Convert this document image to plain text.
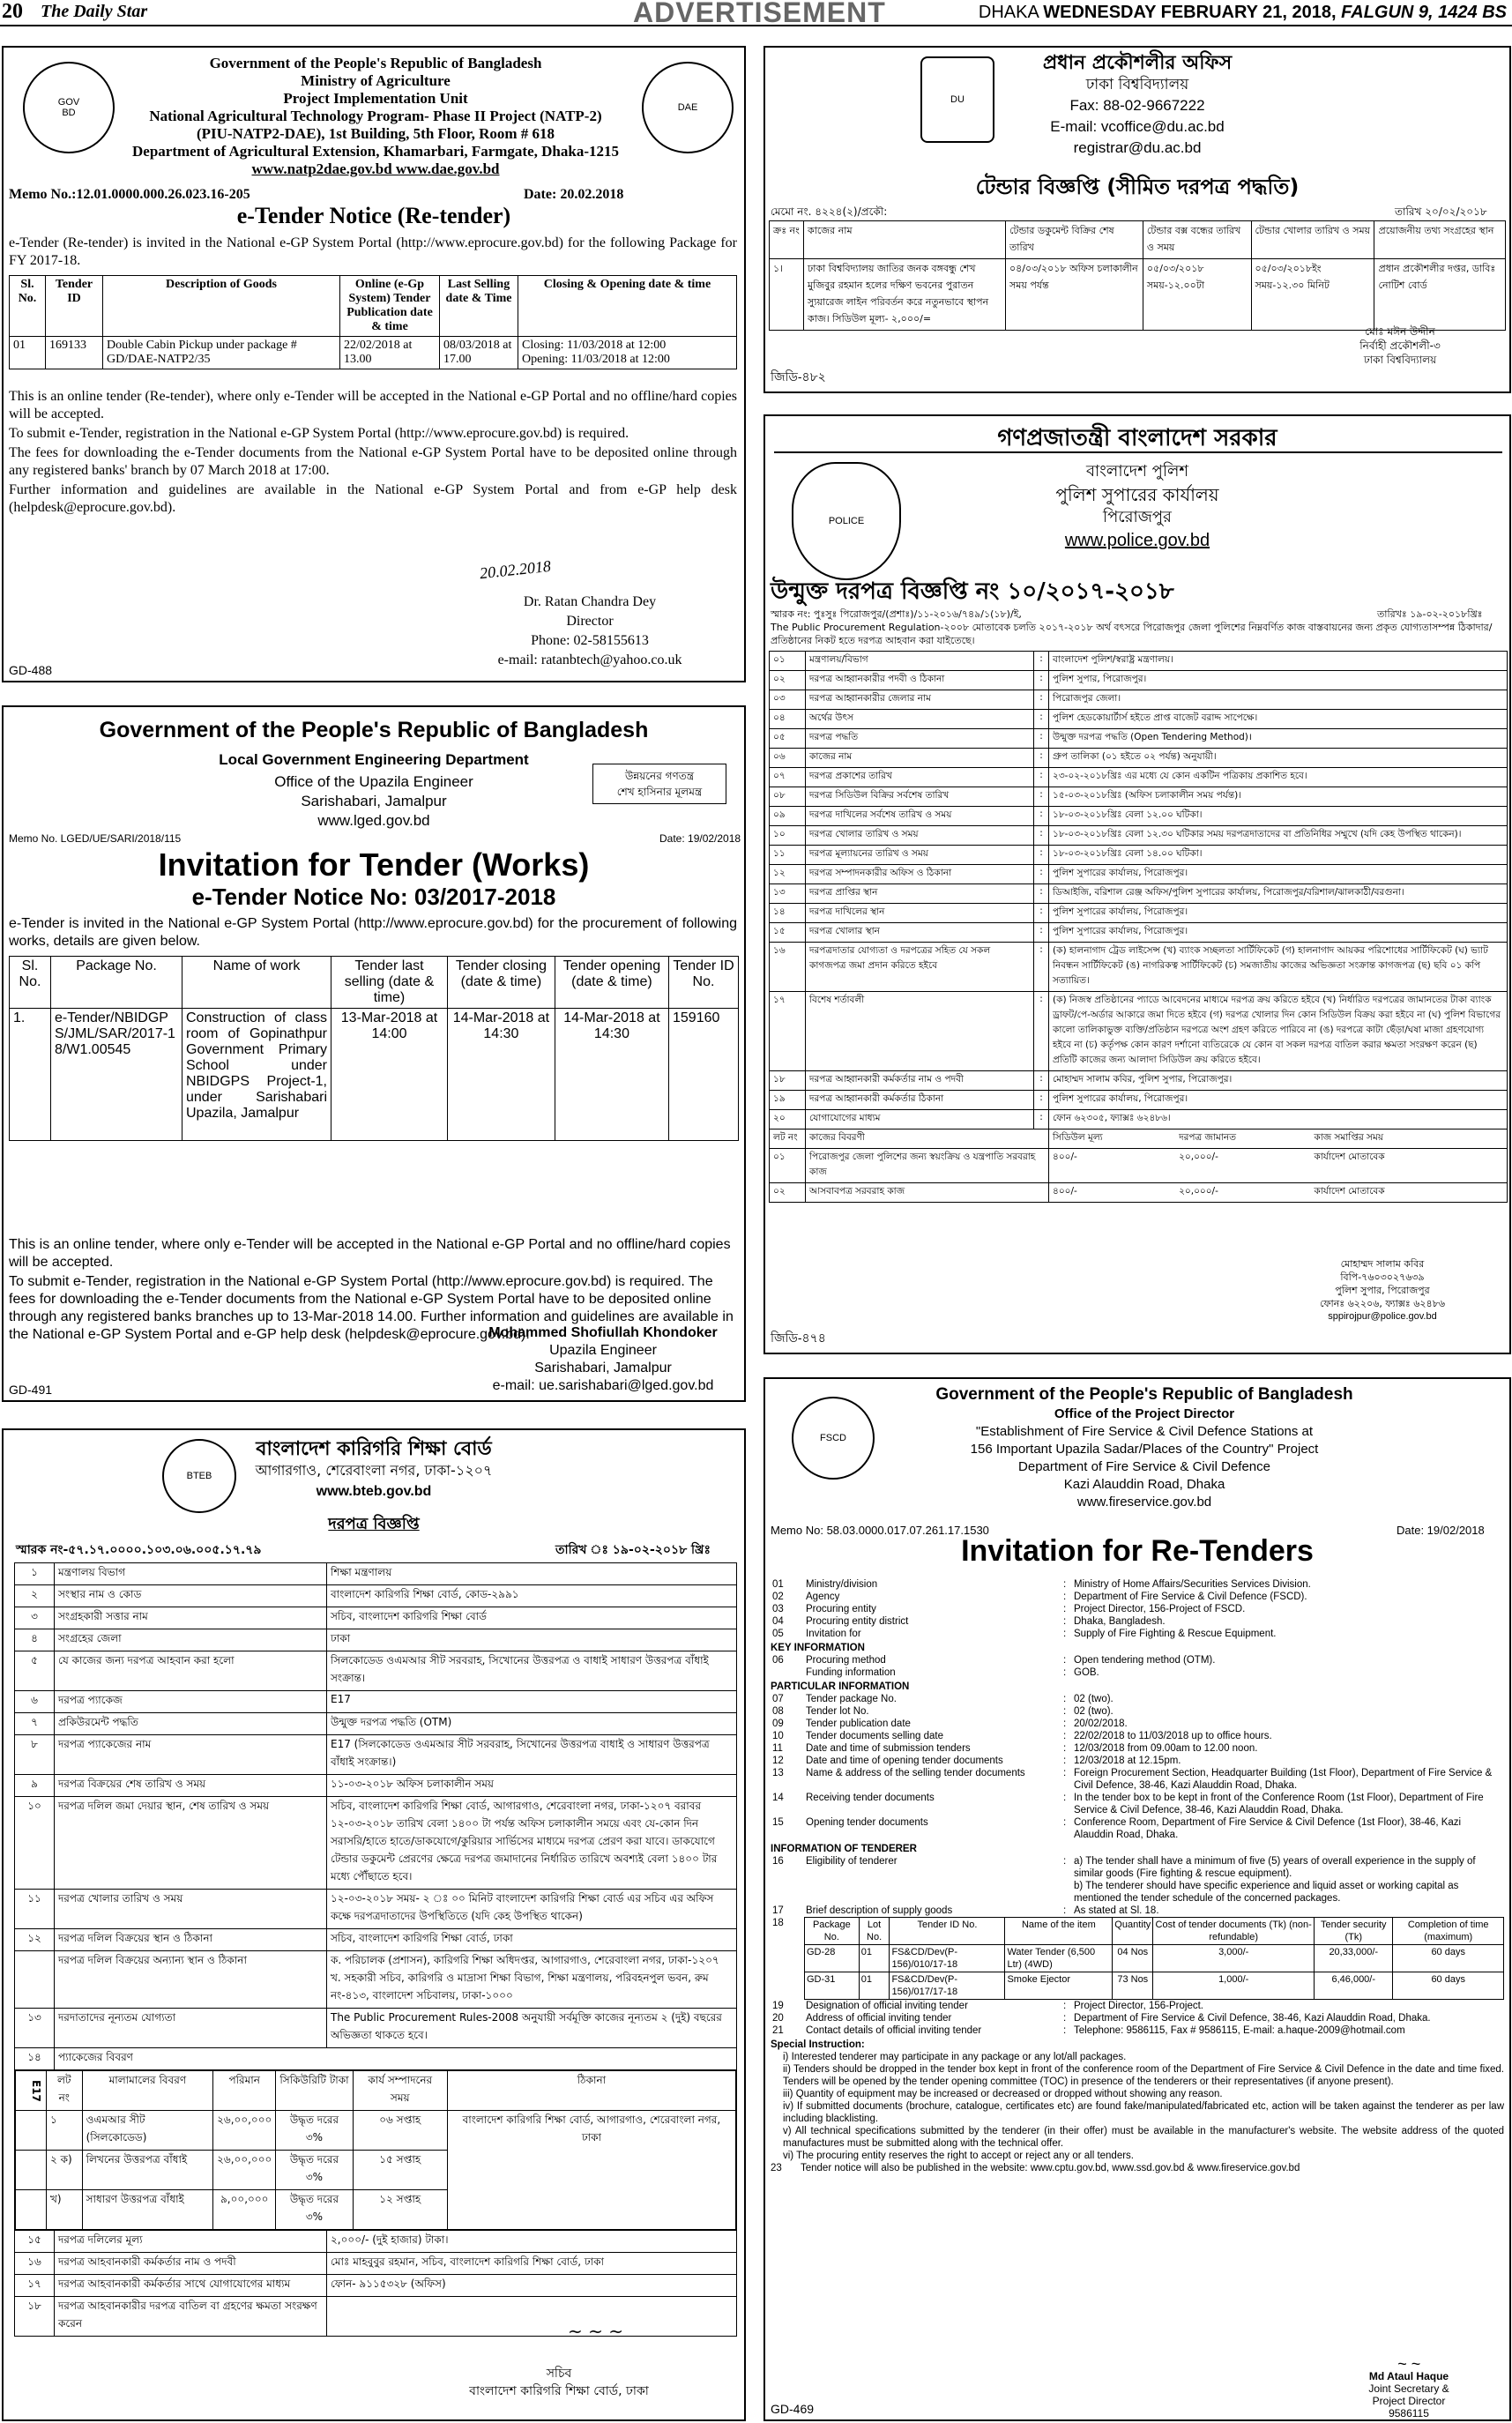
20 The Daily Star	ADVERTISEMENT	DHAKA WEDNESDAY FEBRUARY 21, 2018, FALGUN 9, 1424 BS
GOV
BD	DAE
Government of the People's Republic of Bangladesh
Ministry of Agriculture
Project Implementation Unit
National Agricultural Technology Program- Phase II Project (NATP-2)
(PIU-NATP2-DAE), 1st Building, 5th Floor, Room # 618
Department of Agricultural Extension, Khamarbari, Farmgate, Dhaka-1215
www.natp2dae.gov.bd www.dae.gov.bd
Memo No.:12.01.0000.000.26.023.16-205	Date: 20.02.2018
e-Tender Notice (Re-tender)
e-Tender (Re-tender) is invited in the National e-GP System Portal (http://www.eprocure.gov.bd) for the following Package for FY 2017-18.
Sl. No.	Tender ID	Description of Goods	Online (e-Gp System) Tender Publication date & time	Last Selling date & Time	Closing & Opening date & time
01	169133	Double Cabin Pickup under package # GD/DAE-NATP2/35	22/02/2018 at 13.00	08/03/2018 at 17.00	Closing: 11/03/2018 at 12:00
Opening: 11/03/2018 at 12:00
This is an online tender (Re-tender), where only e-Tender will be accepted in the National e-GP Portal and no offline/hard copies will be accepted.
To submit e-Tender, registration in the National e-GP System Portal (http://www.eprocure.gov.bd) is required.
The fees for downloading the e-Tender documents from the National e-GP System Portal have to be deposited online through any registered banks' branch by 07 March 2018 at 17:00.
Further information and guidelines are available in the National e-GP System Portal and from e-GP help desk (helpdesk@eprocure.gov.bd).
20.02.2018
Dr. Ratan Chandra Dey
Director
Phone: 02-58155613
e-mail: ratanbtech@yahoo.co.uk
GD-488
DU
প্রধান প্রকৌশলীর অফিস
ঢাকা বিশ্ববিদ্যালয়
Fax: 88-02-9667222
E-mail: vcoffice@du.ac.bd
registrar@du.ac.bd
টেন্ডার বিজ্ঞপ্তি (সীমিত দরপত্র পদ্ধতি)
মেমো নং. ৪২২৪(২)/প্রকৌ:	তারিখ ২০/০২/২০১৮
ক্রঃ নং	কাজের নাম	টেন্ডার ডকুমেন্ট বিক্রির শেষ তারিখ	টেন্ডার বক্স বন্ধের তারিখ ও সময়	টেন্ডার খোলার তারিখ ও সময়	প্রয়োজনীয় তথ্য সংগ্রহের স্থান
১।	ঢাকা বিশ্ববিদ্যালয় জাতির জনক বঙ্গবন্ধু শেখ মুজিবুর রহমান হলের দক্ষিণ ভবনের পুরাতন স্যুয়ারেজ লাইন পরিবর্তন করে নতুনভাবে স্থাপন কাজ। সিডিউল মূল্য- ২,০০০/=	০৪/০৩/২০১৮ অফিস চলাকালীন সময় পর্যন্ত	০৫/০৩/২০১৮ সময়-১২.০০টা	০৫/০৩/২০১৮ইং সময়-১২.৩০ মিনিট	প্রধান প্রকৌশলীর দপ্তর, ডাবিঃ নোটিশ বোর্ড
মোঃ মঈন উদ্দীন
নির্বাহী প্রকৌশলী-৩
ঢাকা বিশ্ববিদ্যালয়
জিডি-৪৮২
গণপ্রজাতন্ত্রী বাংলাদেশ সরকার
POLICE
বাংলাদেশ পুলিশ
পুলিশ সুপারের কার্যালয়
পিরোজপুর
www.police.gov.bd
উন্মুক্ত দরপত্র বিজ্ঞপ্তি নং ১০/২০১৭-২০১৮
স্মারক নং: পুঃসুঃ পিরোজপুর/(প্রশাঃ)/১১-২০১৬/৭৪৯/১(১৮)/ই,	তারিখঃ ১৯-০২-২০১৮খ্রিঃ
The Public Procurement Regulation-২০০৮ মোতাবেক চলতি ২০১৭-২০১৮ অর্থ বৎসরে পিরোজপুর জেলা পুলিশের নিম্নবর্ণিত কাজ বাস্তবায়নের জন্য প্রকৃত যোগ্যতাসম্পন্ন ঠিকাদার/প্রতিষ্ঠানের নিকট হতে দরপত্র আহবান করা যাইতেছে।
০১	মন্ত্রণালয়/বিভাগ	:	বাংলাদেশ পুলিশ/স্বরাষ্ট্র মন্ত্রণালয়।
০২	দরপত্র আহ্বানকারীর পদবী ও ঠিকানা	:	পুলিশ সুপার, পিরোজপুর।
০৩	দরপত্র আহ্বানকারীর জেলার নাম	:	পিরোজপুর জেলা।
০৪	অর্থের উৎস	:	পুলিশ হেডকোয়ার্টার্স হইতে প্রাপ্ত বাজেট বরাদ্দ সাপেক্ষে।
০৫	দরপত্র পদ্ধতি	:	উন্মুক্ত দরপত্র পদ্ধতি (Open Tendering Method)।
০৬	কাজের নাম	:	গ্রুপ তালিকা (০১ হইতে ০২ পর্যন্ত) অনুযায়ী।
০৭	দরপত্র প্রকাশের তারিখ	:	২৩-০২-২০১৮খ্রিঃ এর মধ্যে যে কোন একটিন পত্রিকায় প্রকাশিত হবে।
০৮	দরপত্র সিডিউল বিক্রির সর্বশেষ তারিখ	:	১৫-০৩-২০১৮খ্রিঃ (অফিস চলাকালীন সময় পর্যন্ত)।
০৯	দরপত্র দাখিলের সর্বশেষ তারিখ ও সময়	:	১৮-০৩-২০১৮খ্রিঃ বেলা ১২.০০ ঘটিকা।
১০	দরপত্র খোলার তারিখ ও সময়	:	১৮-০৩-২০১৮খ্রিঃ বেলা ১২.৩০ ঘটিকার সময় দরপত্রদাতাদের বা প্রতিনিধির সম্মুখে (যদি কেহ উপস্থিত থাকেন)।
১১	দরপত্র মূল্যায়নের তারিখ ও সময়	:	১৮-০৩-২০১৮খ্রিঃ বেলা ১৪.০০ ঘটিকা।
১২	দরপত্র সম্পাদনকারীর অফিস ও ঠিকানা	:	পুলিশ সুপারের কার্যালয়, পিরোজপুর।
১৩	দরপত্র প্রাপ্তির স্থান	:	ডিআইজি, বরিশাল রেঞ্জ অফিস/পুলিশ সুপারের কার্যালয়, পিরোজপুর/বরিশাল/ঝালকাঠী/বরগুনা।
১৪	দরপত্র দাখিলের স্থান	:	পুলিশ সুপারের কার্যালয়, পিরোজপুর।
১৫	দরপত্র খোলার স্থান	:	পুলিশ সুপারের কার্যালয়, পিরোজপুর।
১৬	দরপত্রদাতার যোগ্যতা ও দরপত্রের সহিত যে সকল কাগজপত্র জমা প্রদান করিতে হইবে	:	(ক) হালনাগাদ ট্রেড লাইসেন্স (খ) ব্যাংক সচ্ছলতা সার্টিফিকেট (গ) হালনাগাদ আয়কর পরিশোধের সার্টিফিকেট (ঘ) ভ্যাট নিবন্ধন সার্টিফিকেট (ঙ) নাগরিকত্ব সার্টিফিকেট (চ) সমজাতীয় কাজের অভিজ্ঞতা সংক্রান্ত কাগজপত্র (ছ) ছবি ০১ কপি সত্যায়িত।
১৭	বিশেষ শর্তাবলী	:	(ক) নিজস্ব প্রতিষ্ঠানের প্যাডে আবেদনের মাধ্যমে দরপত্র ক্রয় করিতে হইবে (খ) নির্ধারিত দরপত্রের জামানতের টাকা ব্যাংক ড্রাফট/পে-অর্ডার আকারে জমা দিতে হইবে (গ) দরপত্র খোলার দিন কোন সিডিউল বিক্রয় করা হইবে না (ঘ) পুলিশ বিভাগের কালো তালিকাভুক্ত ব্যক্তি/প্রতিষ্ঠান দরপত্রে অংশ গ্রহণ করিতে পারিবে না (ঙ) দরপত্রে কাটা ছেঁড়া/ঘষা মাজা গ্রহণযোগ্য হইবে না (চ) কর্তৃপক্ষ কোন কারণ দর্শানো ব্যতিরেকে যে কোন বা সকল দরপত্র বাতিল করার ক্ষমতা সংরক্ষণ করেন (ছ) প্রতিটি কাজের জন্য আলাদা সিডিউল ক্রয় করিতে হইবে।
১৮	দরপত্র আহ্বানকারী কর্মকর্তার নাম ও পদবী	:	মোহাম্মদ সালাম কবির, পুলিশ সুপার, পিরোজপুর।
১৯	দরপত্র আহ্বানকারী কর্মকর্তার ঠিকানা	:	পুলিশ সুপারের কার্যালয়, পিরোজপুর।
২০	যোগাযোগের মাধ্যম	:	ফোন ৬২৩০৫, ফ্যাক্সঃ ৬২৪৮৬।
লট নং	কাজের বিবরণী		সিডিউল মূল্য দরপত্র জামানত কাজ সমাপ্তির সময়
০১	পিরোজপুর জেলা পুলিশের জন্য স্বয়ংক্রিয় ও যন্ত্রপাতি সরবরাহ কাজ		৪০০/- ২০,০০০/- কার্যাদেশ মোতাবেক
০২	আসবাবপত্র সরবরাহ কাজ		৪০০/- ২০,০০০/- কার্যাদেশ মোতাবেক
মোহাম্মদ সালাম কবির
বিপি-৭৬০৩০২৭৬৩৯
পুলিশ সুপার, পিরোজপুর
ফোনঃ ৬২২০৬, ফ্যাক্সঃ ৬২৪৮৬
sppirojpur@police.gov.bd
জিডি-৪৭৪
Government of the People's Republic of Bangladesh
Local Government Engineering Department
Office of the Upazila Engineer
Sarishabari, Jamalpur
www.lged.gov.bd
উন্নয়নের গণতন্ত্র
শেখ হাসিনার মূলমন্ত্র
Memo No. LGED/UE/SARI/2018/115	Date: 19/02/2018
Invitation for Tender (Works)
e-Tender Notice No: 03/2017-2018
e-Tender is invited in the National e-GP System Portal (http://www.eprocure.gov.bd) for the procurement of following works, details are given below.
Sl. No.	Package No.	Name of work	Tender last selling (date & time)	Tender closing (date & time)	Tender opening (date & time)	Tender ID No.
1.	e-Tender/NBIDGPS/JML/SAR/2017-18/W1.00545	Construction of class room of Gopinathpur Government Primary School under NBIDGPS Project-1, under Sarishabari Upazila, Jamalpur	13-Mar-2018 at 14:00	14-Mar-2018 at 14:30	14-Mar-2018 at 14:30	159160
This is an online tender, where only e-Tender will be accepted in the National e-GP Portal and no offline/hard copies will be accepted.
To submit e-Tender, registration in the National e-GP System Portal (http://www.eprocure.gov.bd) is required. The fees for downloading the e-Tender documents from the National e-GP System Portal have to be deposited online through any registered banks branches up to 13-Mar-2018 14.00. Further information and guidelines are available in the National e-GP System Portal and e-GP help desk (helpdesk@eprocure.gov.bd).
Mohammed Shofiullah Khondoker
Upazila Engineer
Sarishabari, Jamalpur
e-mail: ue.sarishabari@lged.gov.bd
GD-491
BTEB
বাংলাদেশ কারিগরি শিক্ষা বোর্ড
আগারগাও, শেরেবাংলা নগর, ঢাকা-১২০৭
www.bteb.gov.bd
দরপত্র বিজ্ঞপ্তি
স্মারক নং-৫৭.১৭.০০০০.১০৩.০৬.০০৫.১৭.৭৯	তারিখ ঃ ১৯-০২-২০১৮ খ্রিঃ
১	মন্ত্রণালয় বিভাগ	শিক্ষা মন্ত্রণালয়
২	সংস্থার নাম ও কোড	বাংলাদেশ কারিগরি শিক্ষা বোর্ড, কোড-২৯৯১
৩	সংগ্রহকারী সত্তার নাম	সচিব, বাংলাদেশ কারিগরি শিক্ষা বোর্ড
৪	সংগ্রহের জেলা	ঢাকা
৫	যে কাজের জন্য দরপত্র আহবান করা হলো	সিলকোডেড ওএমআর সীট সরবরাহ, সিখোনের উত্তরপত্র ও বাধাই সাধারণ উত্তরপত্র বাঁধাই সংক্রান্ত।
৬	দরপত্র প্যাকেজ	E17
৭	প্রকিউরমেন্ট পদ্ধতি	উন্মুক্ত দরপত্র পদ্ধতি (OTM)
৮	দরপত্র প্যাকেজের নাম	E17 (সিলকোডেড ওএমআর সীট সরবরাহ, সিখোনের উত্তরপত্র বাধাই ও সাধারণ উত্তরপত্র বাঁধাই সংক্রান্ত।)
৯	দরপত্র বিক্রয়ের শেষ তারিখ ও সময়	১১-০৩-২০১৮ অফিস চলাকালীন সময়
১০	দরপত্র দলিল জমা দেয়ার স্থান, শেষ তারিখ ও সময়	সচিব, বাংলাদেশ কারিগরি শিক্ষা বোর্ড, আগারগাও, শেরেবাংলা নগর, ঢাকা-১২০৭ বরাবর ১২-০৩-২০১৮ তারিখ বেলা ১৪০০ টা পর্যন্ত অফিস চলাকালীন সময়ে এবং যে-কোন দিন সরাসরি/হাতে হাতে/ডাকযোগে/কুরিয়ার সার্ভিসের মাধ্যমে দরপত্র প্রেরণ করা যাবে। ডাকযোগে টেন্ডার ডকুমেন্ট প্রেরণের ক্ষেত্রে দরপত্র জমাদানের নির্ধারিত তারিখে অবশ্যই বেলা ১৪০০ টার মধ্যে পৌঁছাতে হবে।
১১	দরপত্র খোলার তারিখ ও সময়	১২-০৩-২০১৮ সময়- ২ ঃ ০০ মিনিট বাংলাদেশ কারিগরি শিক্ষা বোর্ড এর সচিব এর অফিস কক্ষে দরপত্রদাতাদের উপস্থিতিতে (যদি কেহ উপস্থিত থাকেন)
১২	দরপত্র দলিল বিক্রয়ের স্থান ও ঠিকানা	সচিব, বাংলাদেশ কারিগরি শিক্ষা বোর্ড, ঢাকা
	দরপত্র দলিল বিক্রয়ের অন্যান্য স্থান ও ঠিকানা	ক. পরিচালক (প্রশাসন), কারিগরি শিক্ষা অধিদপ্তর, আগারগাও, শেরেবাংলা নগর, ঢাকা-১২০৭ খ. সহকারী সচিব, কারিগরি ও মাদ্রাসা শিক্ষা বিভাগ, শিক্ষা মন্ত্রণালয়, পরিবহনপুল ভবন, রুম নং-৪১৩, বাংলাদেশ সচিবালয়, ঢাকা-১০০০
১৩	দরদাতাদের নূন্যতম যোগ্যতা	The Public Procurement Rules-2008 অনুযায়ী সর্বমূক্তি কাজের নূন্যতম ২ (দুই) বছরের অভিজ্ঞতা থাকতে হবে।
১৪	প্যাকেজের বিবরণ

E17	লট নং	মালামালের বিবরণ	পরিমান	সিকিউরিটি টাকা	কার্য সম্পাদনের সময়	ঠিকানা
	১	ওএমআর সীট (সিলকোডেড)	২৬,০০,০০০	উদ্ধৃত দরের ৩%	০৬ সপ্তাহ	বাংলাদেশ কারিগরি শিক্ষা বোর্ড, আগারগাও, শেরেবাংলা নগর, ঢাকা
	২ ক)	লিখনের উত্তরপত্র বাঁধাই	২৬,০০,০০০	উদ্ধৃত দরের ৩%	১৫ সপ্তাহ
	খ)	সাধারণ উত্তরপত্র বাঁধাই	৯,০০,০০০	উদ্ধৃত দরের ৩%	১২ সপ্তাহ

১৫	দরপত্র দলিলের মূল্য	২,০০০/- (দুই হাজার) টাকা।
১৬	দরপত্র আহবানকারী কর্মকর্তার নাম ও পদবী	মোঃ মাহবুবুর রহমান, সচিব, বাংলাদেশ কারিগরি শিক্ষা বোর্ড, ঢাকা
১৭	দরপত্র আহবানকারী কর্মকর্তার সাথে যোগাযোগের মাধ্যম	ফোন- ৯১১৫৩২৮ (অফিস)
১৮	দরপত্র আহবানকারীর দরপত্র বাতিল বা গ্রহণের ক্ষমতা সংরক্ষণ করেন		~ ~ ~
সচিব
বাংলাদেশ কারিগরি শিক্ষা বোর্ড, ঢাকা
FSCD
Government of the People's Republic of Bangladesh
Office of the Project Director
"Establishment of Fire Service & Civil Defence Stations at
156 Important Upazila Sadar/Places of the Country" Project
Department of Fire Service & Civil Defence
Kazi Alauddin Road, Dhaka
www.fireservice.gov.bd
Memo No: 58.03.0000.017.07.261.17.1530	Date: 19/02/2018
Invitation for Re-Tenders
01	Ministry/division	:	Ministry of Home Affairs/Securities Services Division.
02	Agency	:	Department of Fire Service & Civil Defence (FSCD).
03	Procuring entity	:	Project Director, 156-Project of FSCD.
04	Procuring entity district	:	Dhaka, Bangladesh.
05	Invitation for	:	Supply of Fire Fighting & Rescue Equipment.
KEY INFORMATION
06	Procuring method	:	Open tendering method (OTM).
	Funding information	:	GOB.
PARTICULAR INFORMATION
07	Tender package No.	:	02 (two).
08	Tender lot No.	:	02 (two).
09	Tender publication date	:	20/02/2018.
10	Tender documents selling date	:	22/02/2018 to 11/03/2018 up to office hours.
11	Date and time of submission tenders	:	12/03/2018 from 09.00am to 12.00 noon.
12	Date and time of opening tender documents	:	12/03/2018 at 12.15pm.
13	Name & address of the selling tender documents	:	Foreign Procurement Section, Headquarter Building (1st Floor), Department of Fire Service & Civil Defence, 38-46, Kazi Alauddin Road, Dhaka.
14	Receiving tender documents	:	In the tender box to be kept in front of the Conference Room (1st Floor), Department of Fire Service & Civil Defence, 38-46, Kazi Alauddin Road, Dhaka.
15	Opening tender documents	:	Conference Room, Department of Fire Service & Civil Defence (1st Floor), 38-46, Kazi Alauddin Road, Dhaka.
INFORMATION OF TENDERER
16	Eligibility of tenderer	:	a) The tender shall have a minimum of five (5) years of overall experience in the supply of similar goods (Fire fighting & rescue equipment).
b) The tenderer should have specific experience and liquid asset or working capital as mentioned the tender schedule of the concerned packages.
17	Brief description of supply goods	:	As stated at Sl. 18.
18	Package No.	Lot No.	Tender ID No.	Name of the item	Quantity	Cost of tender documents (Tk) (non-refundable)	Tender security (Tk)	Completion of time (maximum)
GD-28	01	FS&CD/Dev(P-156)/010/17-18	Water Tender (6,500 Ltr) (4WD)	04 Nos	3,000/-	20,33,000/-	60 days
GD-31	01	FS&CD/Dev(P-156)/017/17-18	Smoke Ejector	73 Nos	1,000/-	6,46,000/-	60 days
19	Designation of official inviting tender	:	Project Director, 156-Project.
20	Address of official inviting tender	:	Department of Fire Service & Civil Defence, 38-46, Kazi Alauddin Road, Dhaka.
21	Contact details of official inviting tender	:	Telephone: 9586115, Fax # 9586115, E-mail: a.haque-2009@hotmail.com
Special Instruction:
i) Interested tenderer may participate in any package or any lot/all packages.
ii) Tenders should be dropped in the tender box kept in front of the conference room of the Department of Fire Service & Civil Defence in the date and time fixed. Tenders will be opened by the tender opening committee (TOC) in presence of the tenderers or their representatives (if anyone present).
iii) Quantity of equipment may be increased or decreased or dropped without showing any reason.
iv) If submitted documents (brochure, catalogue, certificates etc) are found fake/manipulated/fabricated etc, action will be taken against the tenderer as per law including blacklisting.
v) All technical specifications submitted by the tenderer (in their offer) must be available in the manufacturer's website. The website address of the quoted manufactures must be submitted along with the technical offer.
vi) The procuring entity reserves the right to accept or reject any or all tenders.
23	Tender notice will also be published in the website: www.cptu.gov.bd, www.ssd.gov.bd & www.fireservice.gov.bd
~ ~
Md Ataul Haque
Joint Secretary &
Project Director
9586115
GD-469
